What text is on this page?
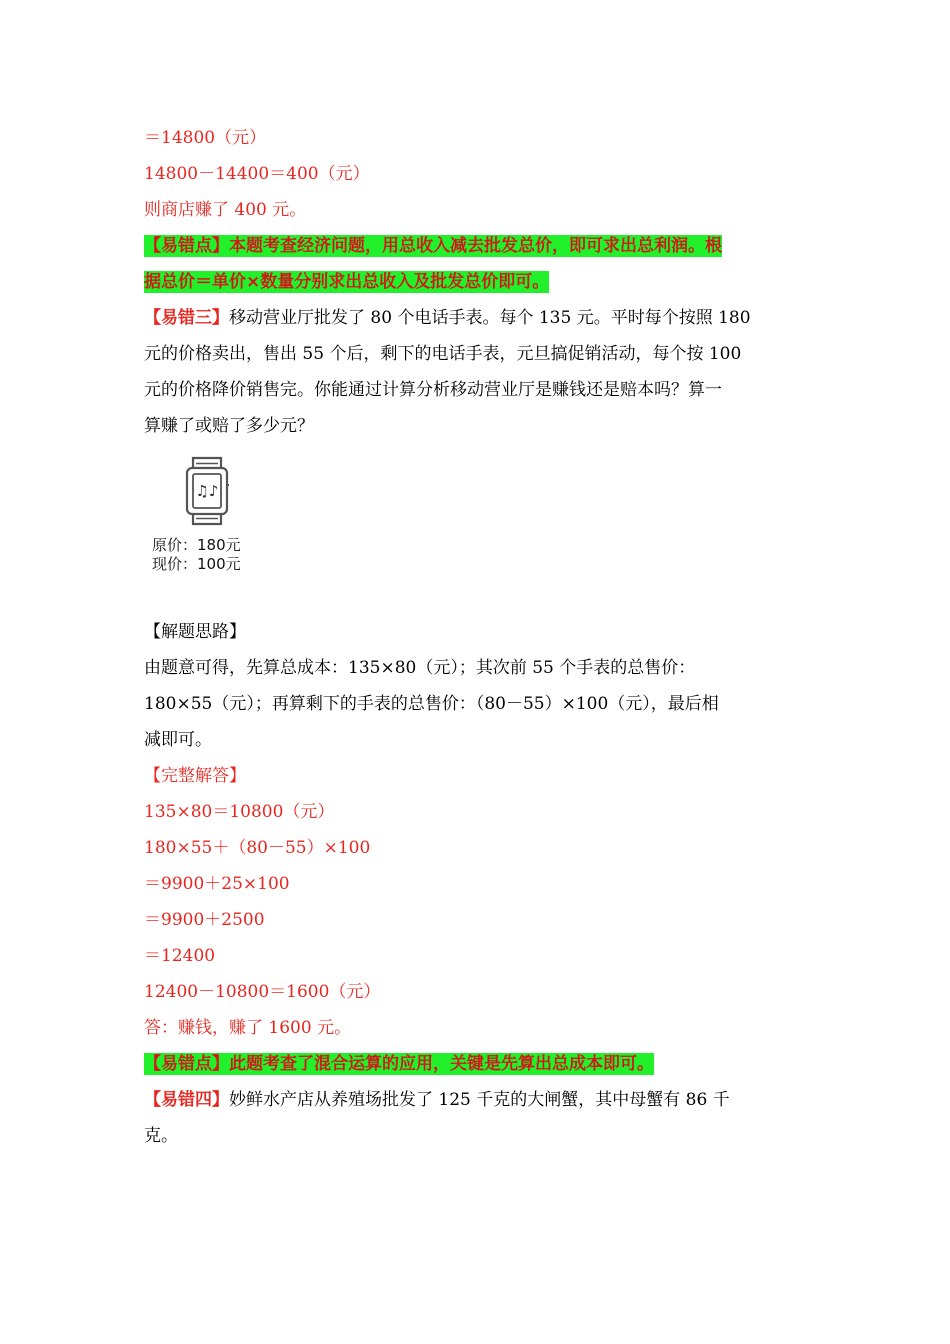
＝14800（元）
14800－14400＝400（元）
则商店赚了 400 元。
【易错点】本题考查经济问题，用总收入减去批发总价，即可求出总利润。根
据总价＝单价×数量分别求出总收入及批发总价即可。
【易错三】移动营业厅批发了 80 个电话手表。每个 135 元。平时每个按照 180
元的价格卖出，售出 55 个后，剩下的电话手表，元旦搞促销活动，每个按 100
元的价格降价销售完。你能通过计算分析移动营业厅是赚钱还是赔本吗？算一
算赚了或赔了多少元？
♫♪
原价：180元
现价：100元
【解题思路】
由题意可得，先算总成本：135×80（元）；其次前 55 个手表的总售价：
180×55（元）；再算剩下的手表的总售价：（80－55）×100（元），最后相
减即可。
【完整解答】
135×80＝10800（元）
180×55＋（80－55）×100
＝9900＋25×100
＝9900＋2500
＝12400
12400－10800＝1600（元）
答：赚钱，赚了 1600 元。
【易错点】此题考查了混合运算的应用，关键是先算出总成本即可。
【易错四】妙鲜水产店从养殖场批发了 125 千克的大闸蟹，其中母蟹有 86 千
克。
